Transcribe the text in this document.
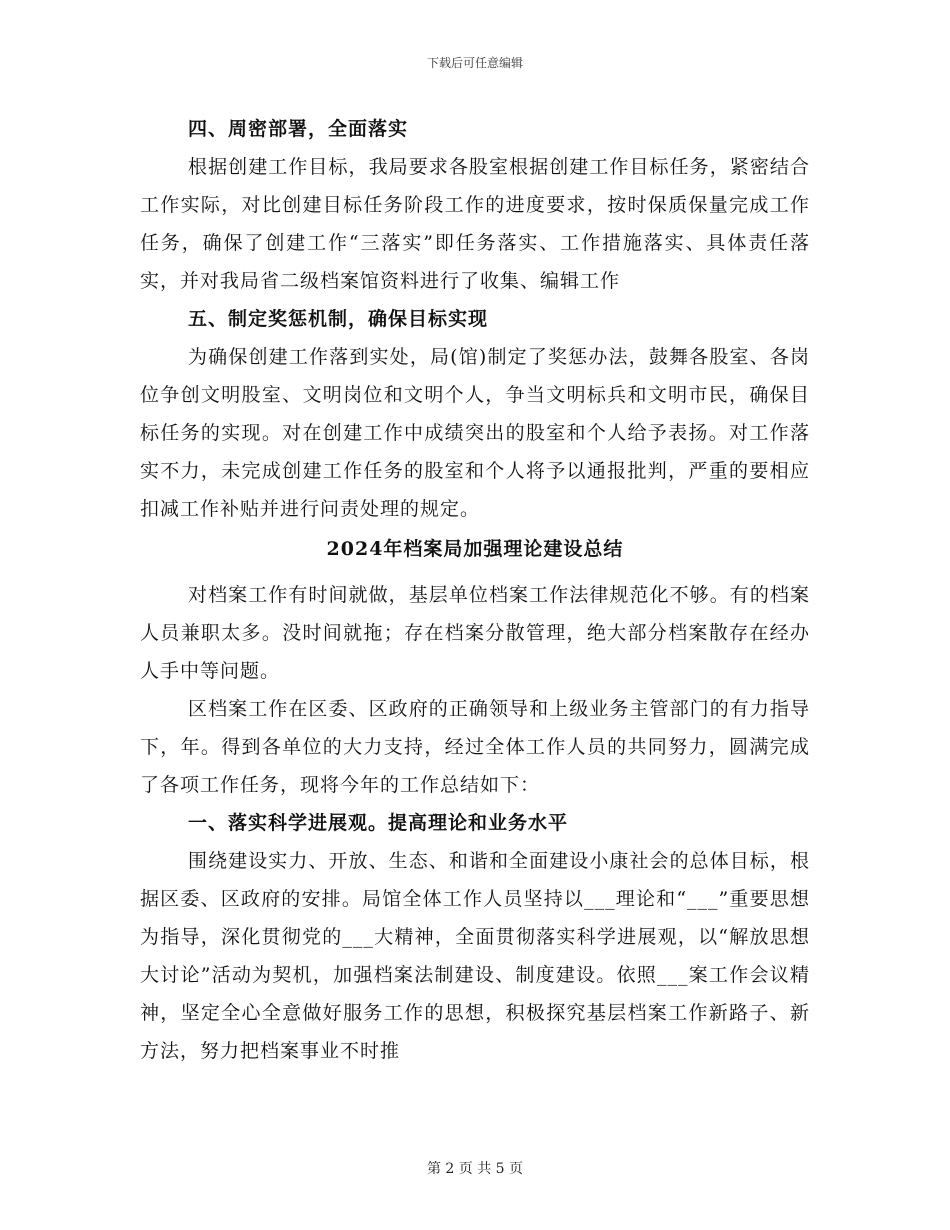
下载后可任意编辑

四、周密部署，全面落实

根据创建工作目标，我局要求各股室根据创建工作目标任务，紧密结合工作实际，对比创建目标任务阶段工作的进度要求，按时保质保量完成工作任务，确保了创建工作“三落实”即任务落实、工作措施落实、具体责任落实，并对我局省二级档案馆资料进行了收集、编辑工作

五、制定奖惩机制，确保目标实现

为确保创建工作落到实处，局(馆)制定了奖惩办法，鼓舞各股室、各岗位争创文明股室、文明岗位和文明个人，争当文明标兵和文明市民，确保目标任务的实现。对在创建工作中成绩突出的股室和个人给予表扬。对工作落实不力，未完成创建工作任务的股室和个人将予以通报批判，严重的要相应扣减工作补贴并进行问责处理的规定。

2024年档案局加强理论建设总结

对档案工作有时间就做，基层单位档案工作法律规范化不够。有的档案人员兼职太多。没时间就拖；存在档案分散管理，绝大部分档案散存在经办人手中等问题。

区档案工作在区委、区政府的正确领导和上级业务主管部门的有力指导下，年。得到各单位的大力支持，经过全体工作人员的共同努力，圆满完成了各项工作任务，现将今年的工作总结如下：

一、落实科学进展观。提高理论和业务水平

围绕建设实力、开放、生态、和谐和全面建设小康社会的总体目标，根据区委、区政府的安排。局馆全体工作人员坚持以___理论和“___”重要思想为指导，深化贯彻党的___大精神，全面贯彻落实科学进展观，以“解放思想大讨论”活动为契机，加强档案法制建设、制度建设。依照___案工作会议精神，坚定全心全意做好服务工作的思想，积极探究基层档案工作新路子、新方法，努力把档案事业不时推

第 2 页 共 5 页
